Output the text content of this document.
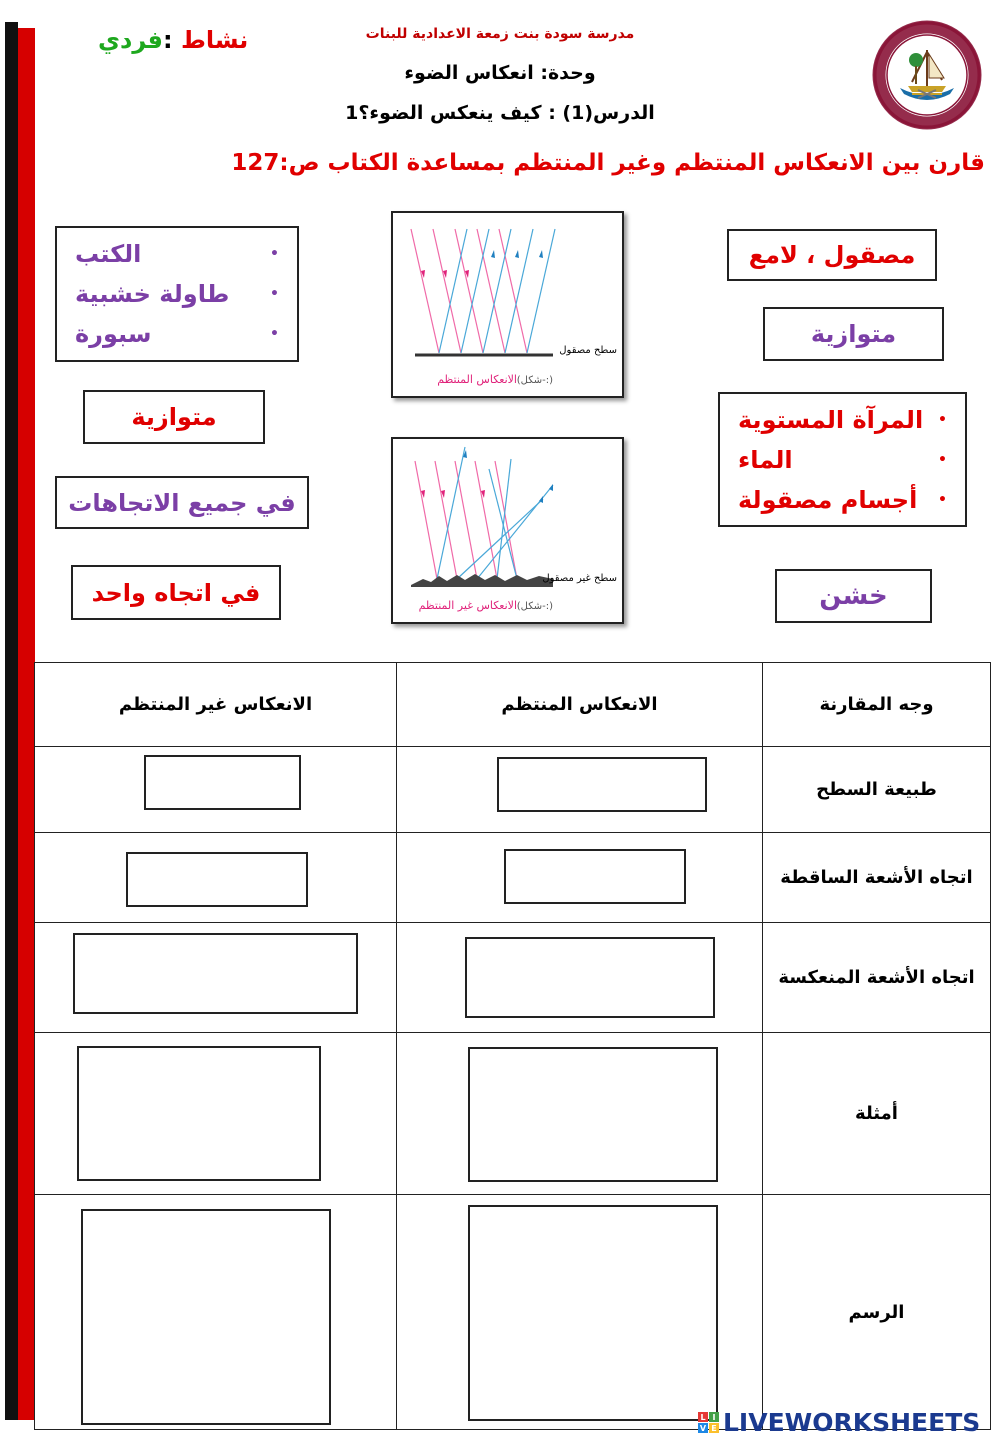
نشاط :فردي	مدرسة سودة بنت زمعة الاعدادية للبنات
وحدة: انعكاس الضوء
الدرس(1) : كيف ينعكس الضوء؟1
قارن بين الانعكاس المنتظم وغير المنتظم بمساعدة الكتاب ص:127
•
الكتب
•
طاولة خشبية
•
سبورة
متوازية
في جميع الاتجاهات
في اتجاه واحد
مصقول ، لامع
متوازية
•
المرآة المستوية
•
الماء
•
أجسام مصقولة
خشن
سطح مصقول
(شكل-:)
الانعكاس المنتظم
سطح غير مصقول
(شكل-:)
الانعكاس غير المنتظم
وجه المقارنة	الانعكاس المنتظم	الانعكاس غير المنتظم
طبيعة السطح	

اتجاه الأشعة الساقطة	

اتجاه الأشعة المنعكسة	

أمثلة	

الرسم	

L I
V E LIVEWORKSHEETS
